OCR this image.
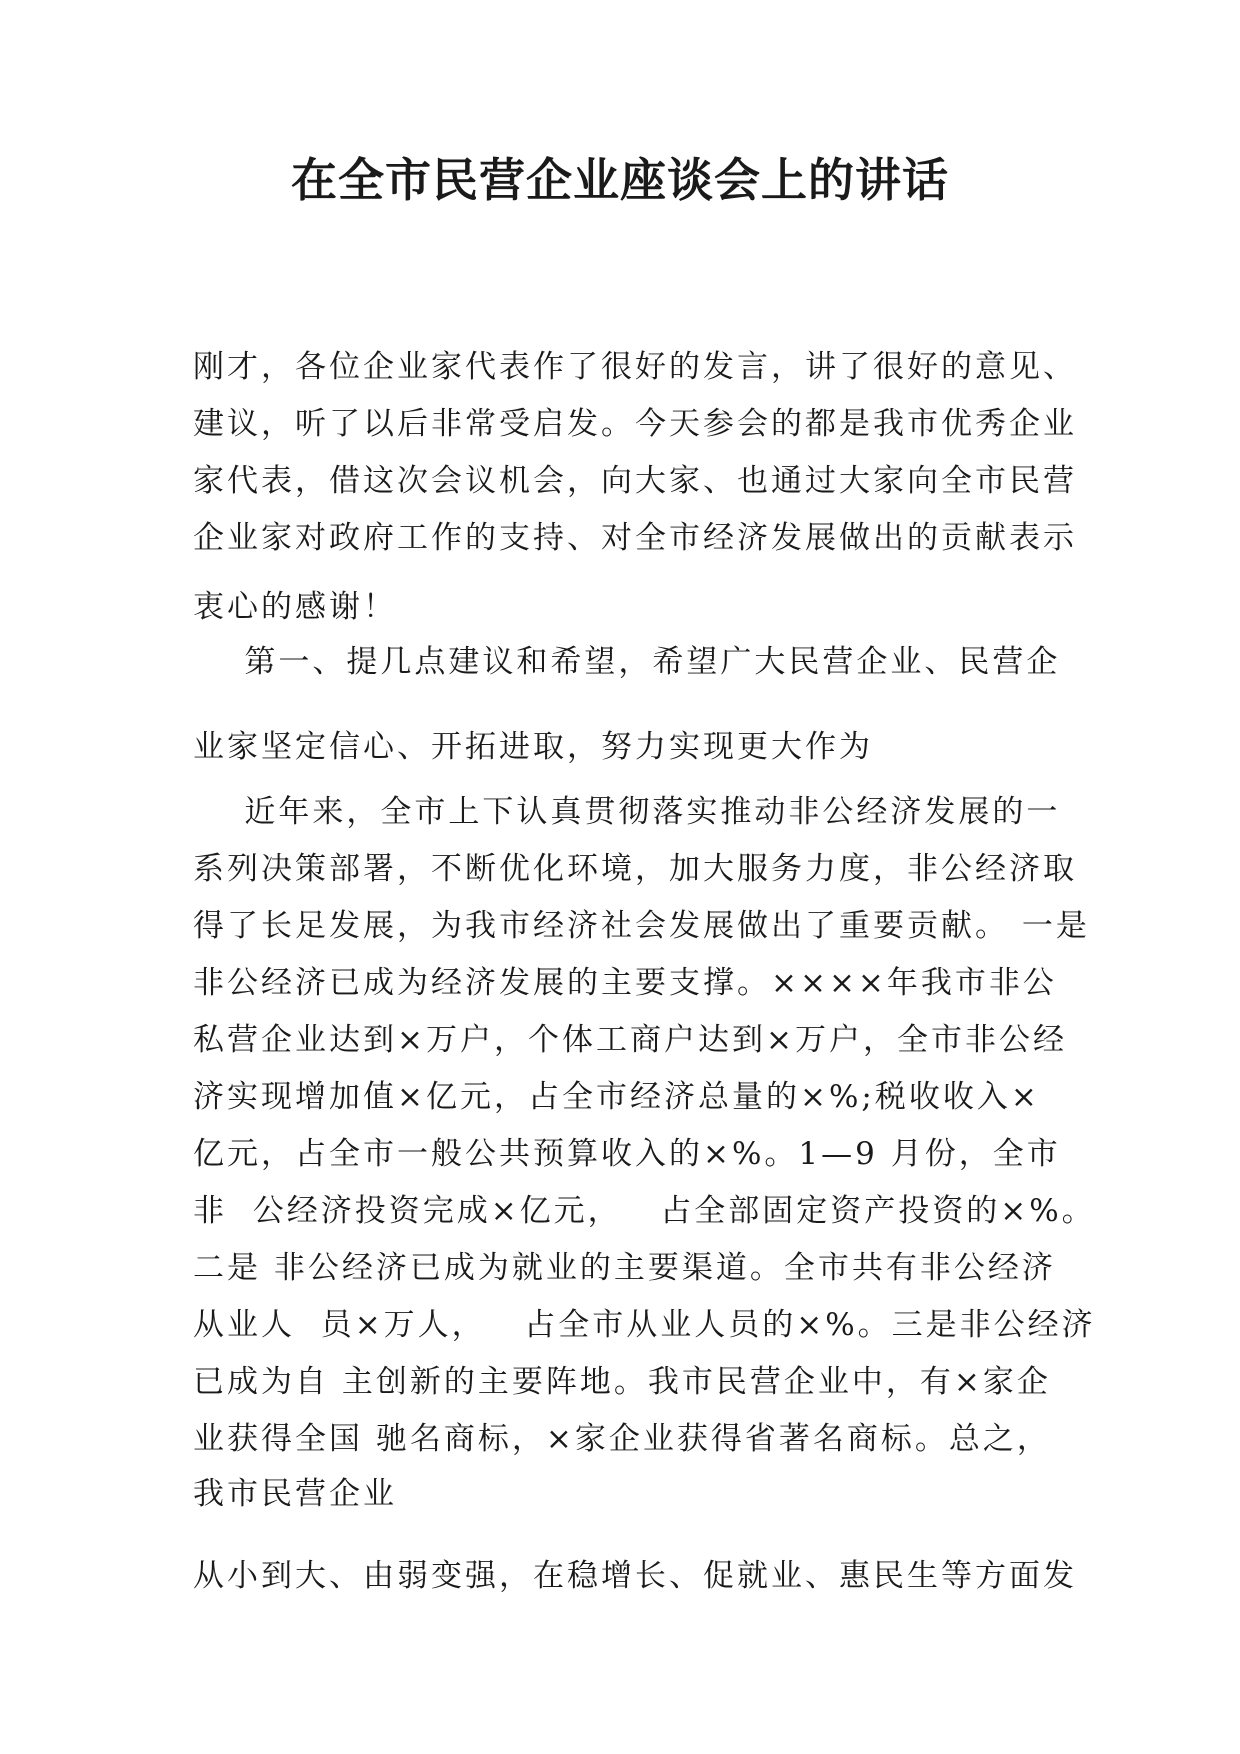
在全市民营企业座谈会上的讲话

刚才，各位企业家代表作了很好的发言，讲了很好的意见、

建议，听了以后非常受启发。今天参会的都是我市优秀企业

家代表，借这次会议机会，向大家、也通过大家向全市民营

企业家对政府工作的支持、对全市经济发展做出的贡献表示

衷心的感谢！

第一、提几点建议和希望，希望广大民营企业、民营企

业家坚定信心、开拓进取，努力实现更大作为

近年来，全市上下认真贯彻落实推动非公经济发展的一

系列决策部署，不断优化环境，加大服务力度，非公经济取

得了长足发展，为我市经济社会发展做出了重要贡献。 一是

非公经济已成为经济发展的主要支撑。××××年我市非公

私营企业达到×万户，个体工商户达到×万户，全市非公经

济实现增加值×亿元，占全市经济总量的×%;税收收入×

亿元，占全市一般公共预算收入的×%。1—9 月份，全市

非  公经济投资完成×亿元，   占全部固定资产投资的×%。

二是 非公经济已成为就业的主要渠道。全市共有非公经济

从业人  员×万人，   占全市从业人员的×%。三是非公经济

已成为自 主创新的主要阵地。我市民营企业中，有×家企

业获得全国 驰名商标，×家企业获得省著名商标。总之，

我市民营企业

从小到大、由弱变强，在稳增长、促就业、惠民生等方面发
